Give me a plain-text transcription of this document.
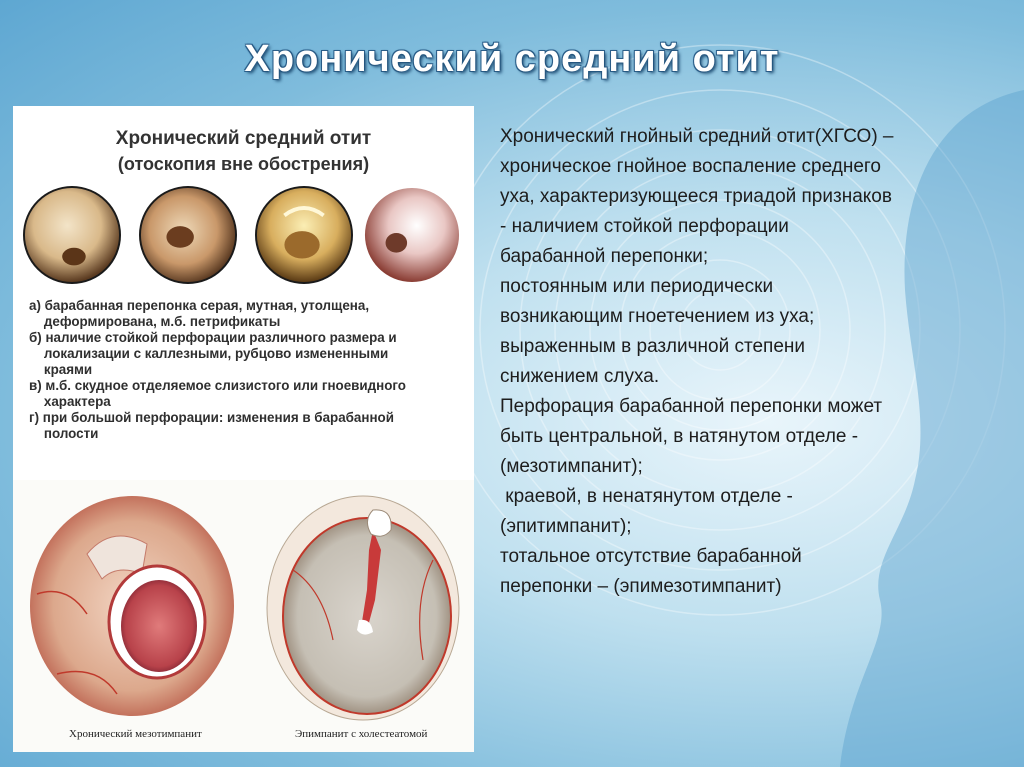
Хронический средний отит
Хронический средний отит
(отоскопия вне обострения)
а) барабанная перепонка серая, мутная, утолщена,
деформирована, м.б. петрификаты
б) наличие стойкой перфорации различного размера и
локализации с каллезными, рубцово измененными
краями
в) м.б. скудное отделяемое слизистого или гноевидного
характера
г) при большой перфорации: изменения в барабанной
полости
Хронический мезотимпанит	Эпимпанит с холестеатомой
Хронический гнойный средний отит(ХГСО) –
хроническое гнойное воспаление среднего
уха, характеризующееся триадой признаков
- наличием стойкой перфорации
барабанной перепонки;
постоянным или периодически
возникающим гноетечением из уха;
выраженным в различной степени
снижением слуха.
Перфорация барабанной перепонки может
быть центральной, в натянутом отделе -
(мезотимпанит);
краевой, в ненатянутом отделе -
(эпитимпанит);
тотальное отсутствие барабанной
перепонки – (эпимезотимпанит)
